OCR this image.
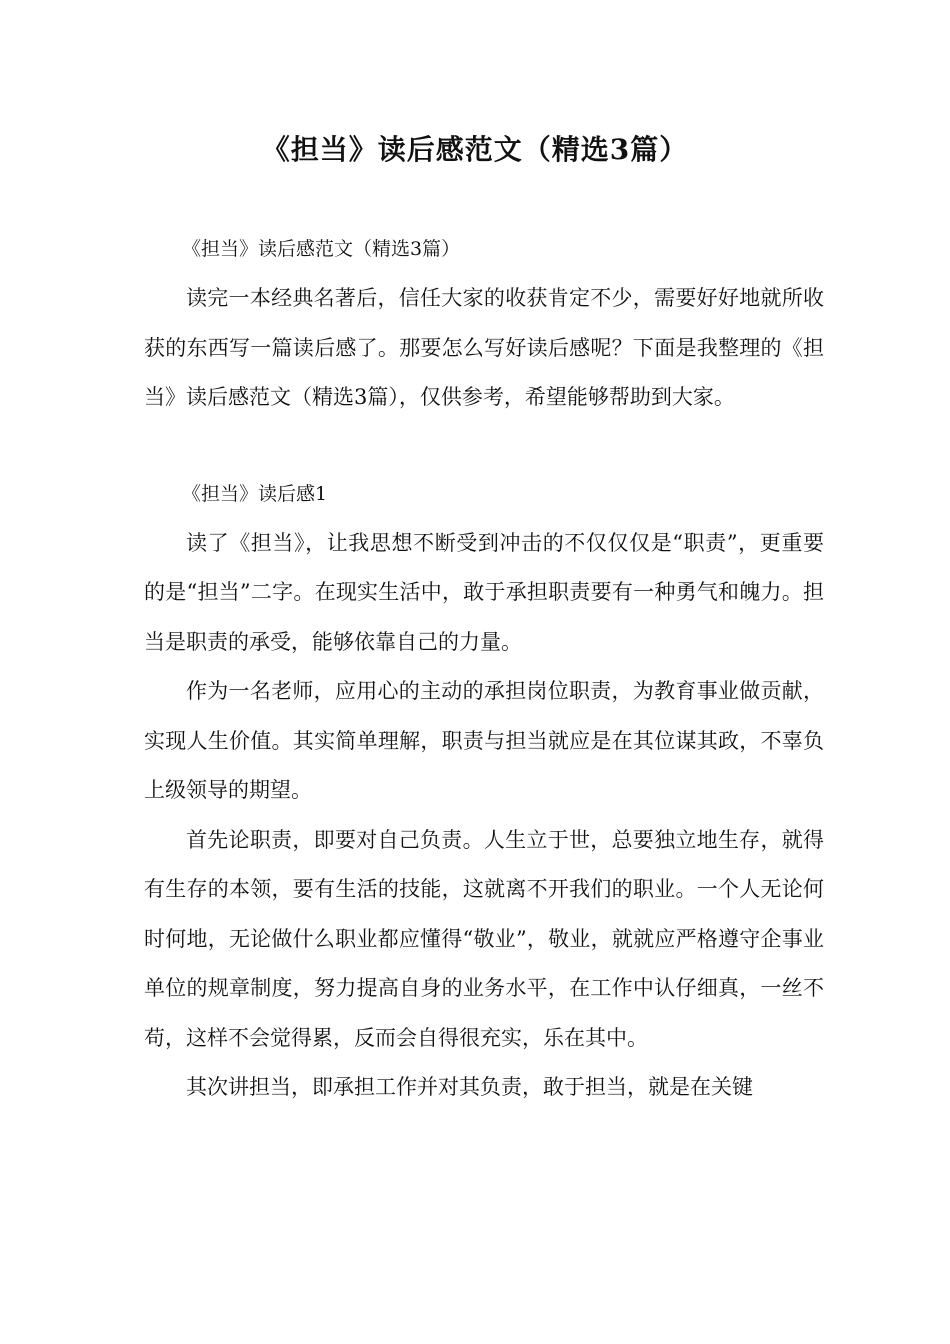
《担当》读后感范文（精选3篇）

《担当》读后感范文（精选3篇）

读完一本经典名著后，信任大家的收获肯定不少，需要好好地就所收获的东西写一篇读后感了。那要怎么写好读后感呢？下面是我整理的《担当》读后感范文（精选3篇），仅供参考，希望能够帮助到大家。

《担当》读后感1

读了《担当》，让我思想不断受到冲击的不仅仅仅是“职责”，更重要的是“担当”二字。在现实生活中，敢于承担职责要有一种勇气和魄力。担当是职责的承受，能够依靠自己的力量。

作为一名老师，应用心的主动的承担岗位职责，为教育事业做贡献，实现人生价值。其实简单理解，职责与担当就应是在其位谋其政，不辜负上级领导的期望。

首先论职责，即要对自己负责。人生立于世，总要独立地生存，就得有生存的本领，要有生活的技能，这就离不开我们的职业。一个人无论何时何地，无论做什么职业都应懂得“敬业”，敬业，就就应严格遵守企事业单位的规章制度，努力提高自身的业务水平，在工作中认仔细真，一丝不苟，这样不会觉得累，反而会自得很充实，乐在其中。

其次讲担当，即承担工作并对其负责，敢于担当，就是在关键
